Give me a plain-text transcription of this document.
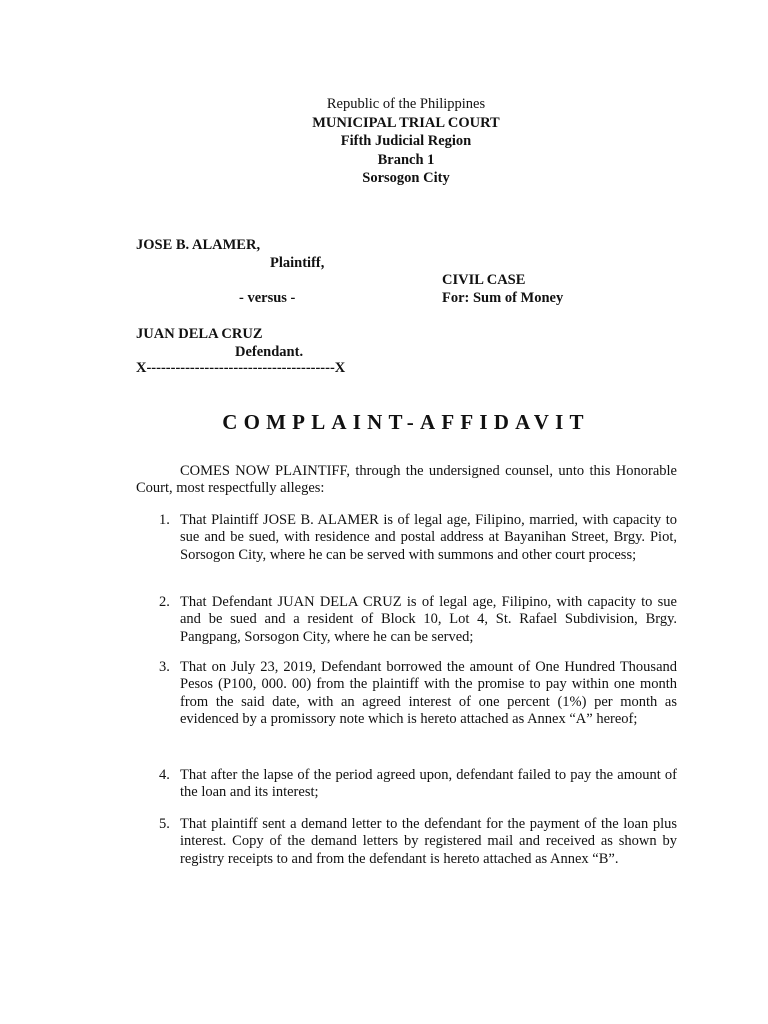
Republic of the Philippines
MUNICIPAL TRIAL COURT
Fifth Judicial Region
Branch 1
Sorsogon City
JOSE B. ALAMER,
Plaintiff,
CIVIL CASE
- versus -	For: Sum of Money
JUAN DELA CRUZ
Defendant.
X---------------------------------------X
COMPLAINT-AFFIDAVIT
COMES NOW PLAINTIFF, through the undersigned counsel, unto this Honorable Court, most respectfully alleges:
1. That Plaintiff JOSE B. ALAMER is of legal age, Filipino, married, with capacity to sue and be sued, with residence and postal address at Bayanihan Street, Brgy. Piot, Sorsogon City, where he can be served with summons and other court process;
2. That Defendant JUAN DELA CRUZ is of legal age, Filipino, with capacity to sue and be sued and a resident of Block 10, Lot 4, St. Rafael Subdivision, Brgy. Pangpang, Sorsogon City, where he can be served;
3. That on July 23, 2019, Defendant borrowed the amount of One Hundred Thousand Pesos (P100, 000. 00) from the plaintiff with the promise to pay within one month from the said date, with an agreed interest of one percent (1%) per month as evidenced by a promissory note which is hereto attached as Annex “A” hereof;
4. That after the lapse of the period agreed upon, defendant failed to pay the amount of the loan and its interest;
5. That plaintiff sent a demand letter to the defendant for the payment of the loan plus interest. Copy of the demand letters by registered mail and received as shown by registry receipts to and from the defendant is hereto attached as Annex “B”.
